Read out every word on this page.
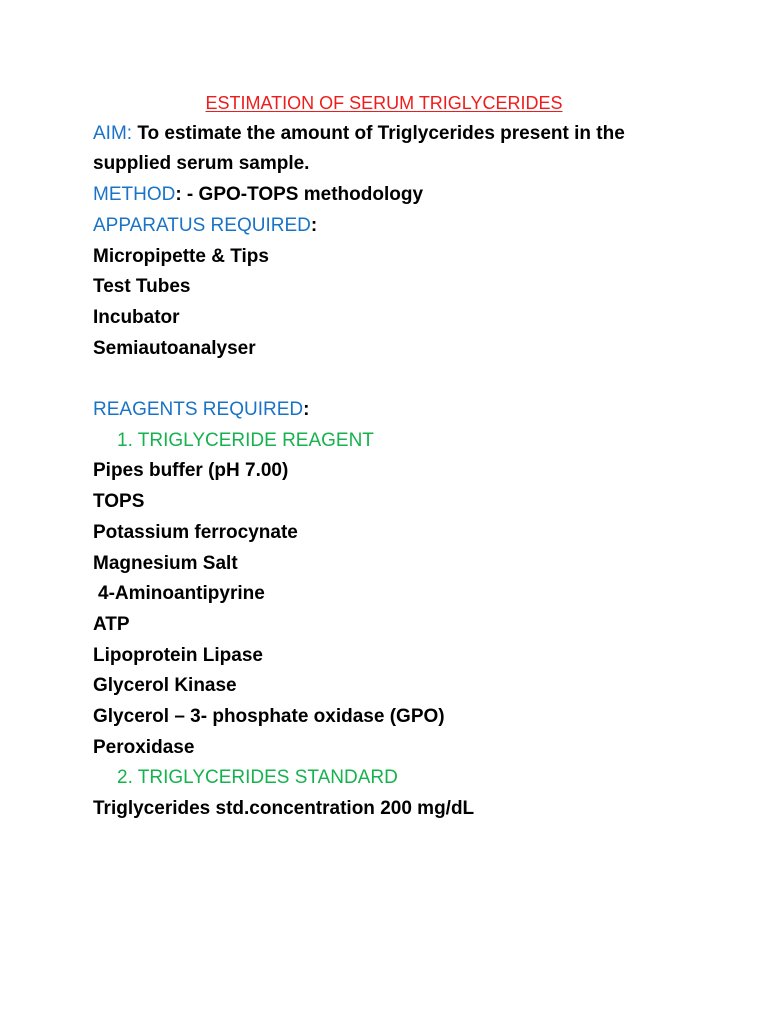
ESTIMATION OF SERUM TRIGLYCERIDES
AIM: To estimate the amount of Triglycerides present in the
supplied serum sample.
METHOD: - GPO-TOPS methodology
APPARATUS REQUIRED:
Micropipette & Tips
Test Tubes
Incubator
Semiautoanalyser
REAGENTS REQUIRED:
1. TRIGLYCERIDE REAGENT
Pipes buffer (pH 7.00)
TOPS
Potassium ferrocynate
Magnesium Salt
4-Aminoantipyrine
ATP
Lipoprotein Lipase
Glycerol Kinase
Glycerol – 3- phosphate oxidase (GPO)
Peroxidase
2. TRIGLYCERIDES STANDARD
Triglycerides std.concentration 200 mg/dL
